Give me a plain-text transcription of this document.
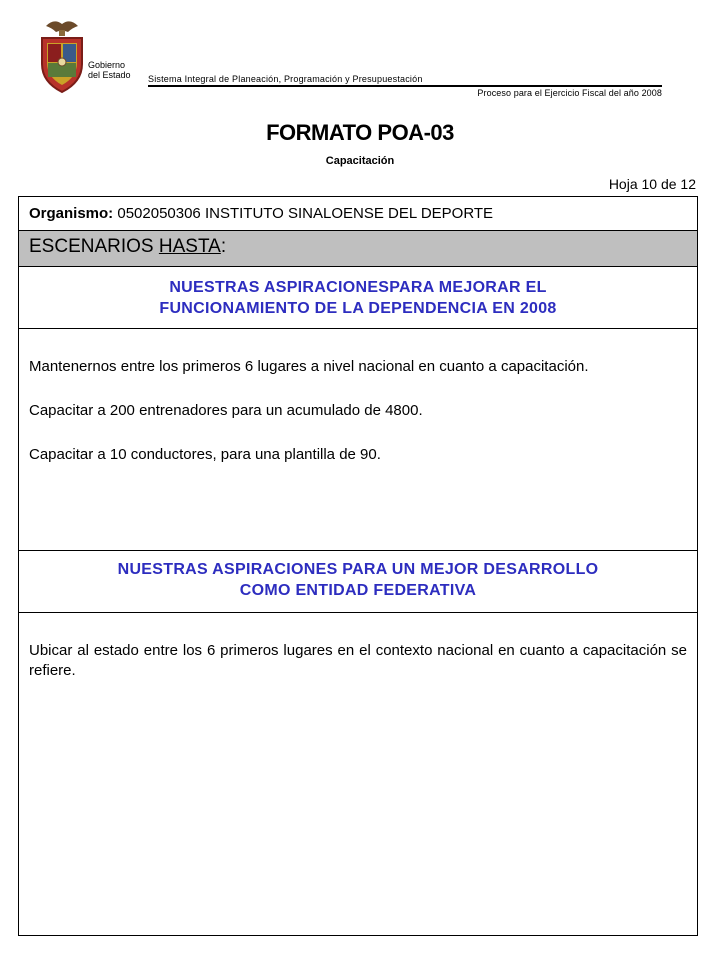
Gobierno
del Estado Sistema Integral de Planeación, Programación y Presupuestación
Proceso para el Ejercicio Fiscal del año 2008
FORMATO POA-03
Capacitación
Hoja 10 de 12
Organismo: 0502050306 INSTITUTO SINALOENSE DEL DEPORTE
ESCENARIOS HASTA:
NUESTRAS ASPIRACIONESPARA MEJORAR EL
FUNCIONAMIENTO DE LA DEPENDENCIA EN 2008

Mantenernos entre los primeros 6 lugares a nivel nacional en cuanto a capacitación.

Capacitar a 200 entrenadores para un acumulado de 4800.

Capacitar a 10 conductores, para una plantilla de 90.

NUESTRAS ASPIRACIONES PARA UN MEJOR DESARROLLO
COMO ENTIDAD FEDERATIVA

Ubicar al estado entre los 6 primeros lugares en el contexto nacional en cuanto a capacitación se refiere.
